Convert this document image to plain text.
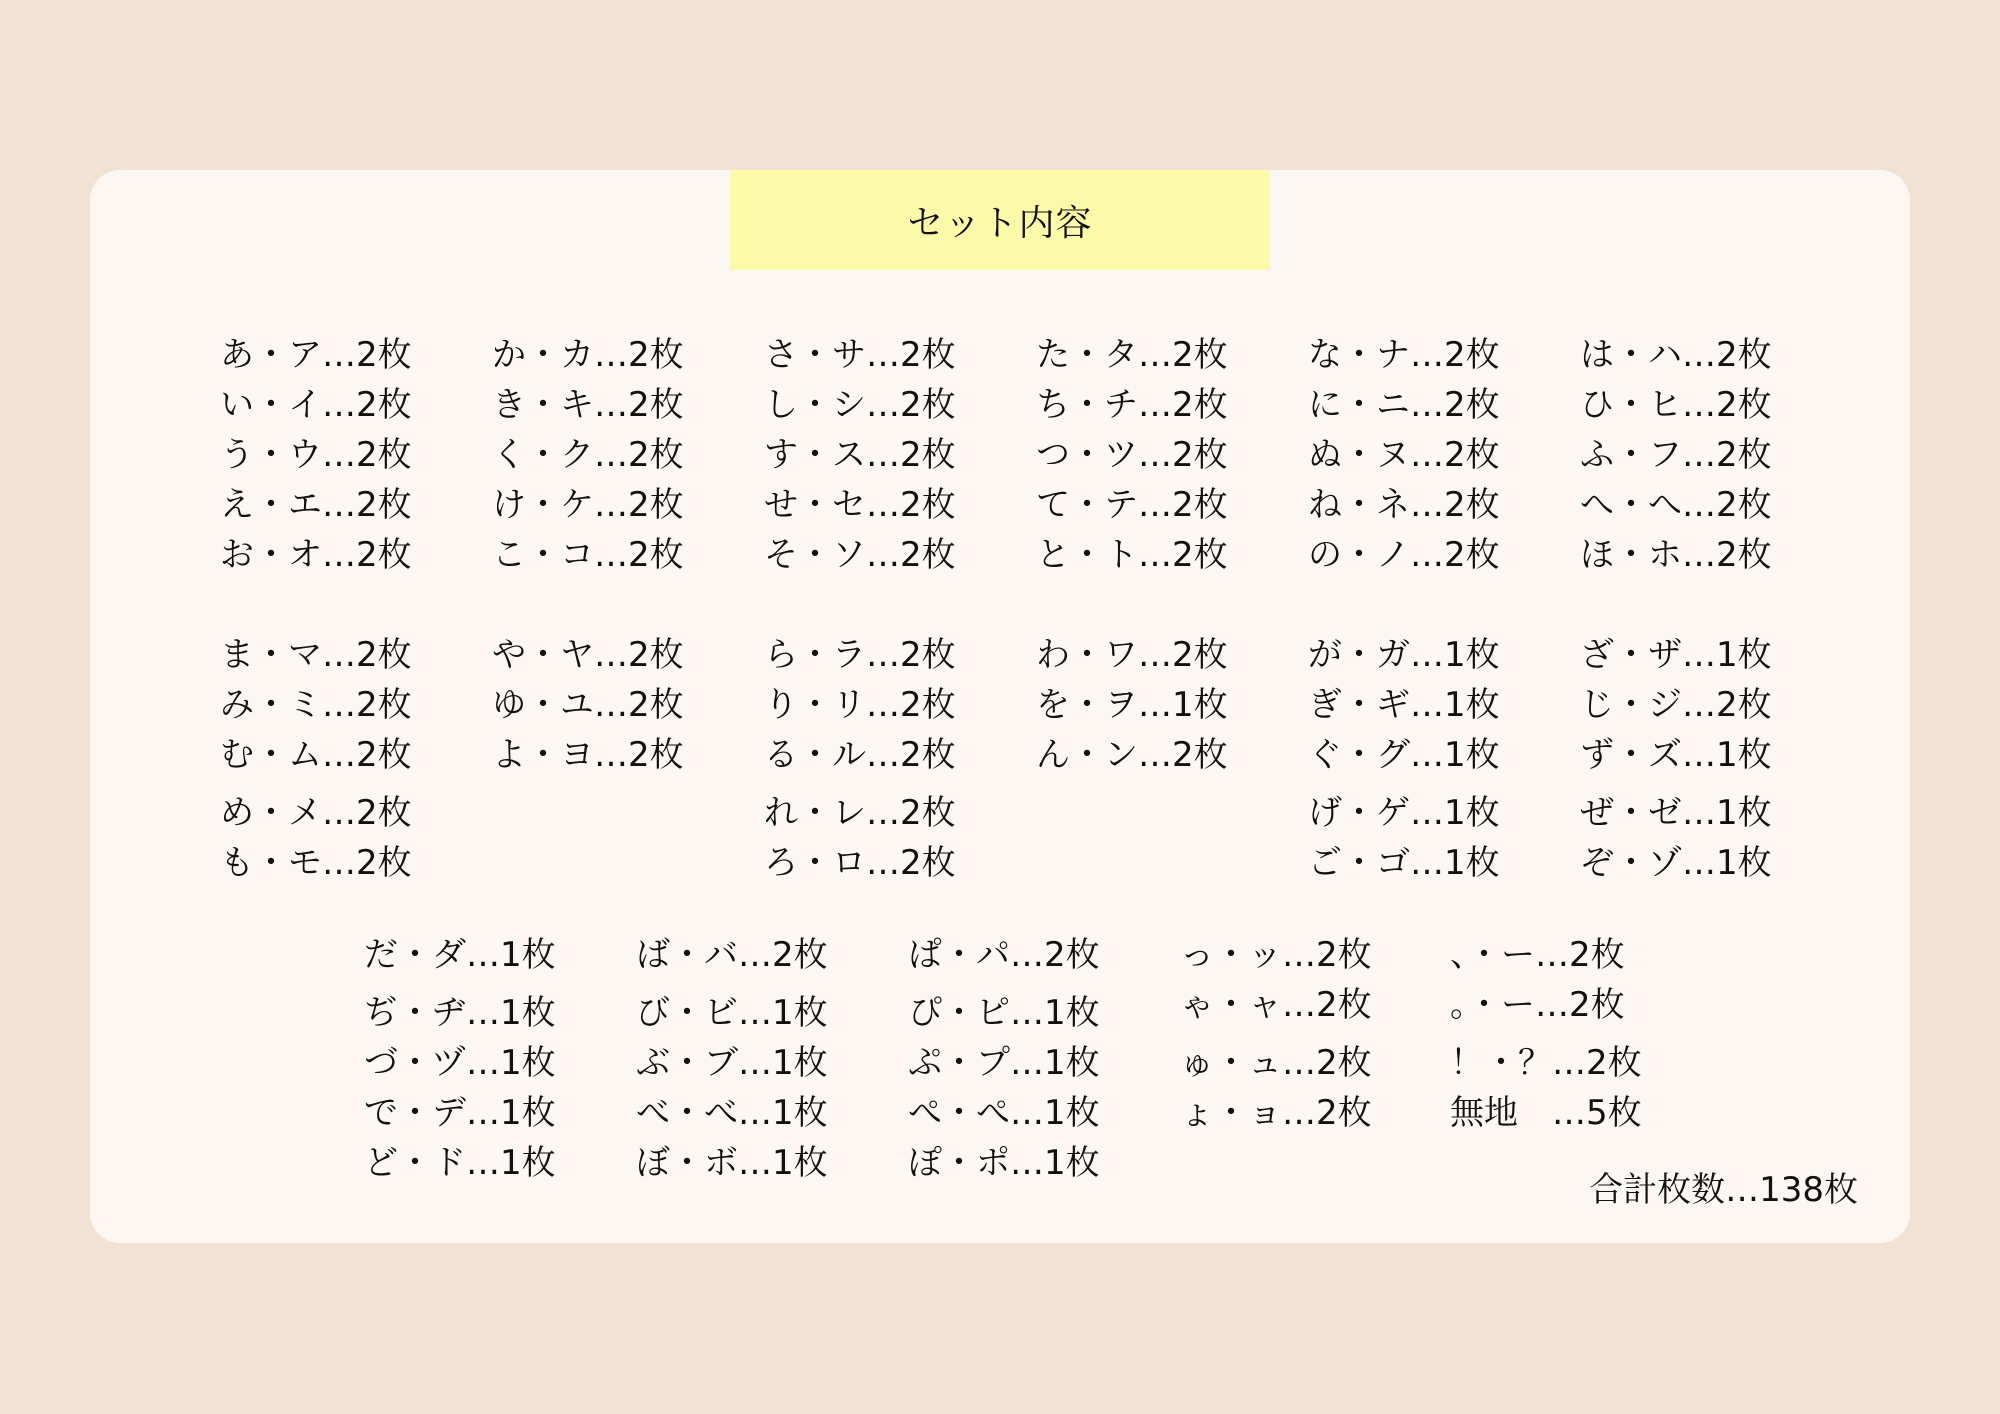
セット内容
あ・ア…2枚
い・イ…2枚
う・ウ…2枚
え・エ…2枚
お・オ…2枚
か・カ…2枚
き・キ…2枚
く・ク…2枚
け・ケ…2枚
こ・コ…2枚
さ・サ…2枚
し・シ…2枚
す・ス…2枚
せ・セ…2枚
そ・ソ…2枚
た・タ…2枚
ち・チ…2枚
つ・ツ…2枚
て・テ…2枚
と・ト…2枚
な・ナ…2枚
に・ニ…2枚
ぬ・ヌ…2枚
ね・ネ…2枚
の・ノ…2枚
は・ハ…2枚
ひ・ヒ…2枚
ふ・フ…2枚
へ・へ…2枚
ほ・ホ…2枚
ま・マ…2枚
み・ミ…2枚
む・ム…2枚
め・メ…2枚
も・モ…2枚
や・ヤ…2枚
ゆ・ユ…2枚
よ・ヨ…2枚
ら・ラ…2枚
り・リ…2枚
る・ル…2枚
れ・レ…2枚
ろ・ロ…2枚
わ・ワ…2枚
を・ヲ…1枚
ん・ン…2枚
が・ガ…1枚
ぎ・ギ…1枚
ぐ・グ…1枚
げ・ゲ…1枚
ご・ゴ…1枚
ざ・ザ…1枚
じ・ジ…2枚
ず・ズ…1枚
ぜ・ゼ…1枚
ぞ・ゾ…1枚
だ・ダ…1枚
ぢ・ヂ…1枚
づ・ヅ…1枚
で・デ…1枚
ど・ド…1枚
ば・バ…2枚
び・ビ…1枚
ぶ・ブ…1枚
べ・べ…1枚
ぼ・ボ…1枚
ぱ・パ…2枚
ぴ・ピ…1枚
ぷ・プ…1枚
ぺ・ぺ…1枚
ぽ・ポ…1枚
っ・ッ…2枚
ゃ・ャ…2枚
ゅ・ュ…2枚
ょ・ョ…2枚
、・ー…2枚
。・ー…2枚
！・？…2枚
無地　…5枚
合計枚数…138枚
